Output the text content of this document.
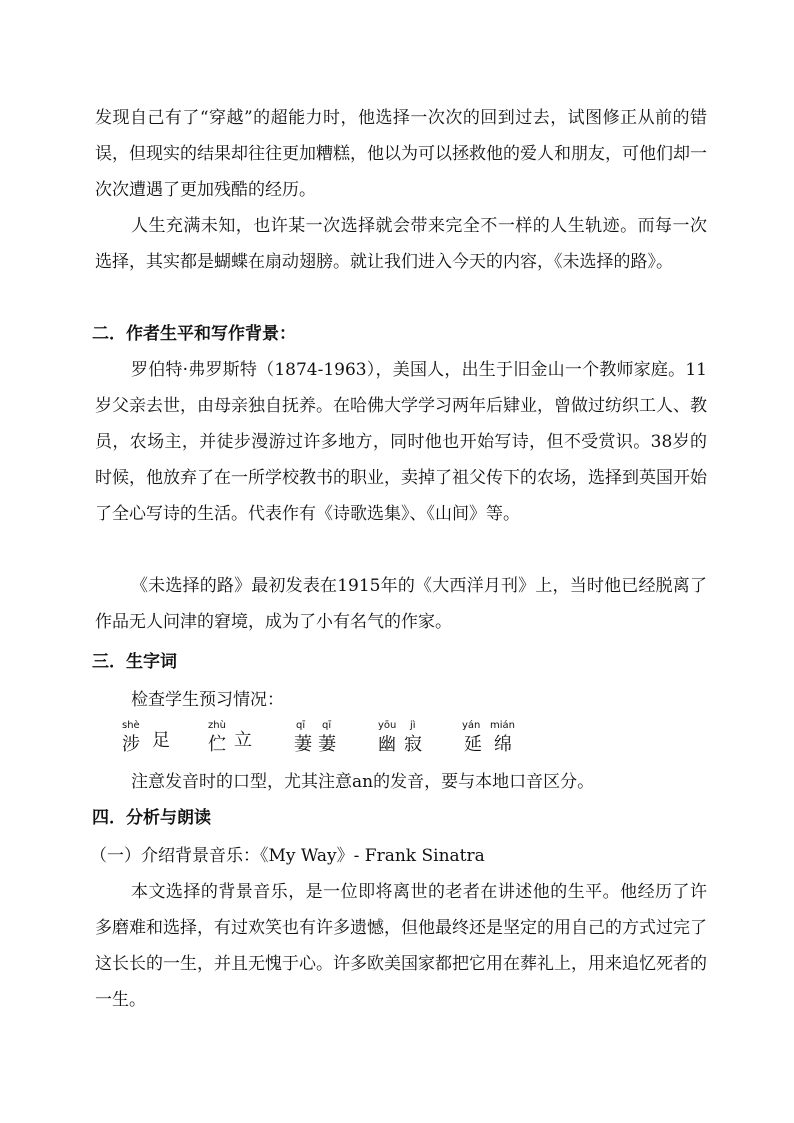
发现自己有了“穿越”的超能力时，他选择一次次的回到过去，试图修正从前的错误，但现实的结果却往往更加糟糕，他以为可以拯救他的爱人和朋友，可他们却一次次遭遇了更加残酷的经历。

人生充满未知，也许某一次选择就会带来完全不一样的人生轨迹。而每一次选择，其实都是蝴蝶在扇动翅膀。就让我们进入今天的内容，《未选择的路》。

二．作者生平和写作背景：

罗伯特·弗罗斯特（1874-1963），美国人，出生于旧金山一个教师家庭。11岁父亲去世，由母亲独自抚养。在哈佛大学学习两年后肄业，曾做过纺织工人、教员，农场主，并徒步漫游过许多地方，同时他也开始写诗，但不受赏识。38岁的时候，他放弃了在一所学校教书的职业，卖掉了祖父传下的农场，选择到英国开始了全心写诗的生活。代表作有《诗歌选集》、《山间》等。

《未选择的路》最初发表在1915年的《大西洋月刊》上，当时他已经脱离了作品无人问津的窘境，成为了小有名气的作家。

三．生字词

检查学生预习情况：

shè
涉 足
zhù
伫 立
qī qī
萋 萋
yōu jì
幽 寂
yán mián
延 绵

注意发音时的口型，尤其注意an的发音，要与本地口音区分。

四．分析与朗读

（一）介绍背景音乐：《My Way》- Frank Sinatra

本文选择的背景音乐，是一位即将离世的老者在讲述他的生平。他经历了许多磨难和选择，有过欢笑也有许多遗憾，但他最终还是坚定的用自己的方式过完了这长长的一生，并且无愧于心。许多欧美国家都把它用在葬礼上，用来追忆死者的一生。
